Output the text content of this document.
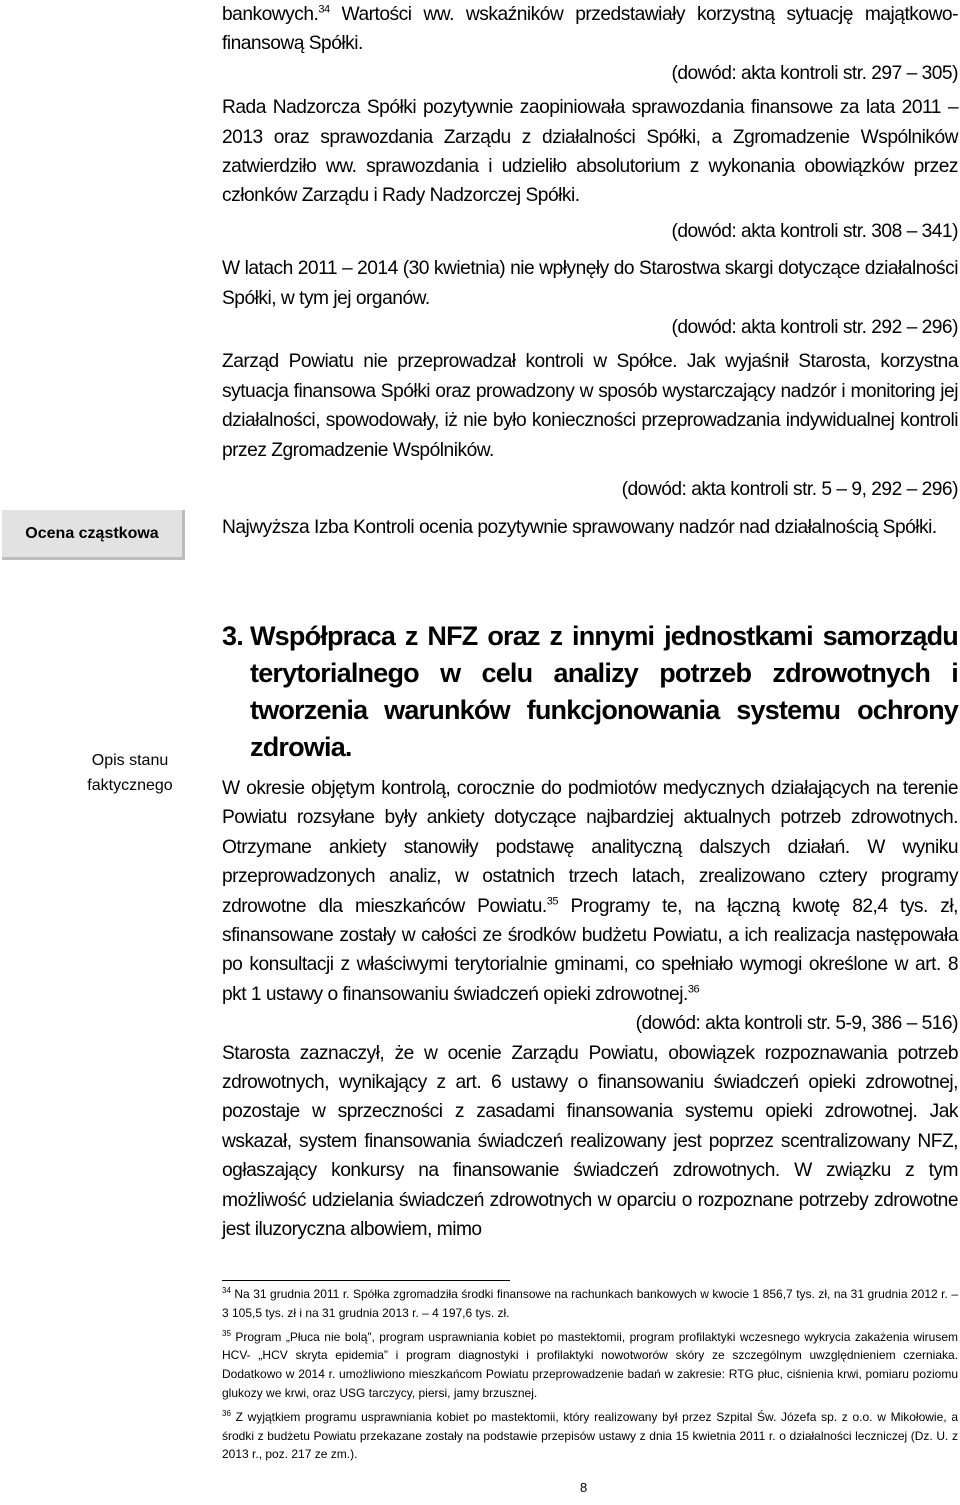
bankowych.$^{34}$ Wartości ww. wskaźników przedstawiały korzystną sytuację majątkowo-finansową Spółki.

(dowód: akta kontroli str. 297 – 305)

Rada Nadzorcza Spółki pozytywnie zaopiniowała sprawozdania finansowe za lata 2011 – 2013 oraz sprawozdania Zarządu z działalności Spółki, a Zgromadzenie Wspólników zatwierdziło ww. sprawozdania i udzieliło absolutorium z wykonania obowiązków przez członków Zarządu i Rady Nadzorczej Spółki.

(dowód: akta kontroli str. 308 – 341)

W latach 2011 – 2014 (30 kwietnia) nie wpłynęły do Starostwa skargi dotyczące działalności Spółki, w tym jej organów.

(dowód: akta kontroli str. 292 – 296)

Zarząd Powiatu nie przeprowadzał kontroli w Spółce. Jak wyjaśnił Starosta, korzystna sytuacja finansowa Spółki oraz prowadzony w sposób wystarczający nadzór i monitoring jej działalności, spowodowały, iż nie było konieczności przeprowadzania indywidualnej kontroli przez Zgromadzenie Wspólników.

(dowód: akta kontroli str. 5 – 9, 292 – 296)

Najwyższa Izba Kontroli ocenia pozytywnie sprawowany nadzór nad działalnością Spółki.

Ocena cząstkowa
3. Współpraca z NFZ oraz z innymi jednostkami samorządu terytorialnego w celu analizy potrzeb zdrowotnych i tworzenia warunków funkcjonowania systemu ochrony zdrowia.
Opis stanu faktycznego	W okresie objętym kontrolą, corocznie do podmiotów medycznych działających na terenie Powiatu rozsyłane były ankiety dotyczące najbardziej aktualnych potrzeb zdrowotnych. Otrzymane ankiety stanowiły podstawę analityczną dalszych działań. W wyniku przeprowadzonych analiz, w ostatnich trzech latach, zrealizowano cztery programy zdrowotne dla mieszkańców Powiatu.$^{35}$ Programy te, na łączną kwotę 82,4 tys. zł, sfinansowane zostały w całości ze środków budżetu Powiatu, a ich realizacja następowała po konsultacji z właściwymi terytorialnie gminami, co spełniało wymogi określone w art. 8 pkt 1 ustawy o finansowaniu świadczeń opieki zdrowotnej.$^{36}$

(dowód: akta kontroli str. 5-9, 386 – 516)

Starosta zaznaczył, że w ocenie Zarządu Powiatu, obowiązek rozpoznawania potrzeb zdrowotnych, wynikający z art. 6 ustawy o finansowaniu świadczeń opieki zdrowotnej, pozostaje w sprzeczności z zasadami finansowania systemu opieki zdrowotnej. Jak wskazał, system finansowania świadczeń realizowany jest poprzez scentralizowany NFZ, ogłaszający konkursy na finansowanie świadczeń zdrowotnych. W związku z tym możliwość udzielania świadczeń zdrowotnych w oparciu o rozpoznane potrzeby zdrowotne jest iluzoryczna albowiem, mimo

$^{34}$ Na 31 grudnia 2011 r. Spółka zgromadziła środki finansowe na rachunkach bankowych w kwocie 1 856,7 tys. zł, na 31 grudnia 2012 r. – 3 105,5 tys. zł i na 31 grudnia 2013 r. – 4 197,6 tys. zł.

$^{35}$ Program „Płuca nie bolą”, program usprawniania kobiet po mastektomii, program profilaktyki wczesnego wykrycia zakażenia wirusem HCV- „HCV skryta epidemia” i program diagnostyki i profilaktyki nowotworów skóry ze szczególnym uwzględnieniem czerniaka. Dodatkowo w 2014 r. umożliwiono mieszkańcom Powiatu przeprowadzenie badań w zakresie: RTG płuc, ciśnienia krwi, pomiaru poziomu glukozy we krwi, oraz USG tarczycy, piersi, jamy brzusznej.

$^{36}$ Z wyjątkiem programu usprawniania kobiet po mastektomii, który realizowany był przez Szpital Św. Józefa sp. z o.o. w Mikołowie, a środki z budżetu Powiatu przekazane zostały na podstawie przepisów ustawy z dnia 15 kwietnia 2011 r. o działalności leczniczej (Dz. U. z 2013 r., poz. 217 ze zm.).

8
